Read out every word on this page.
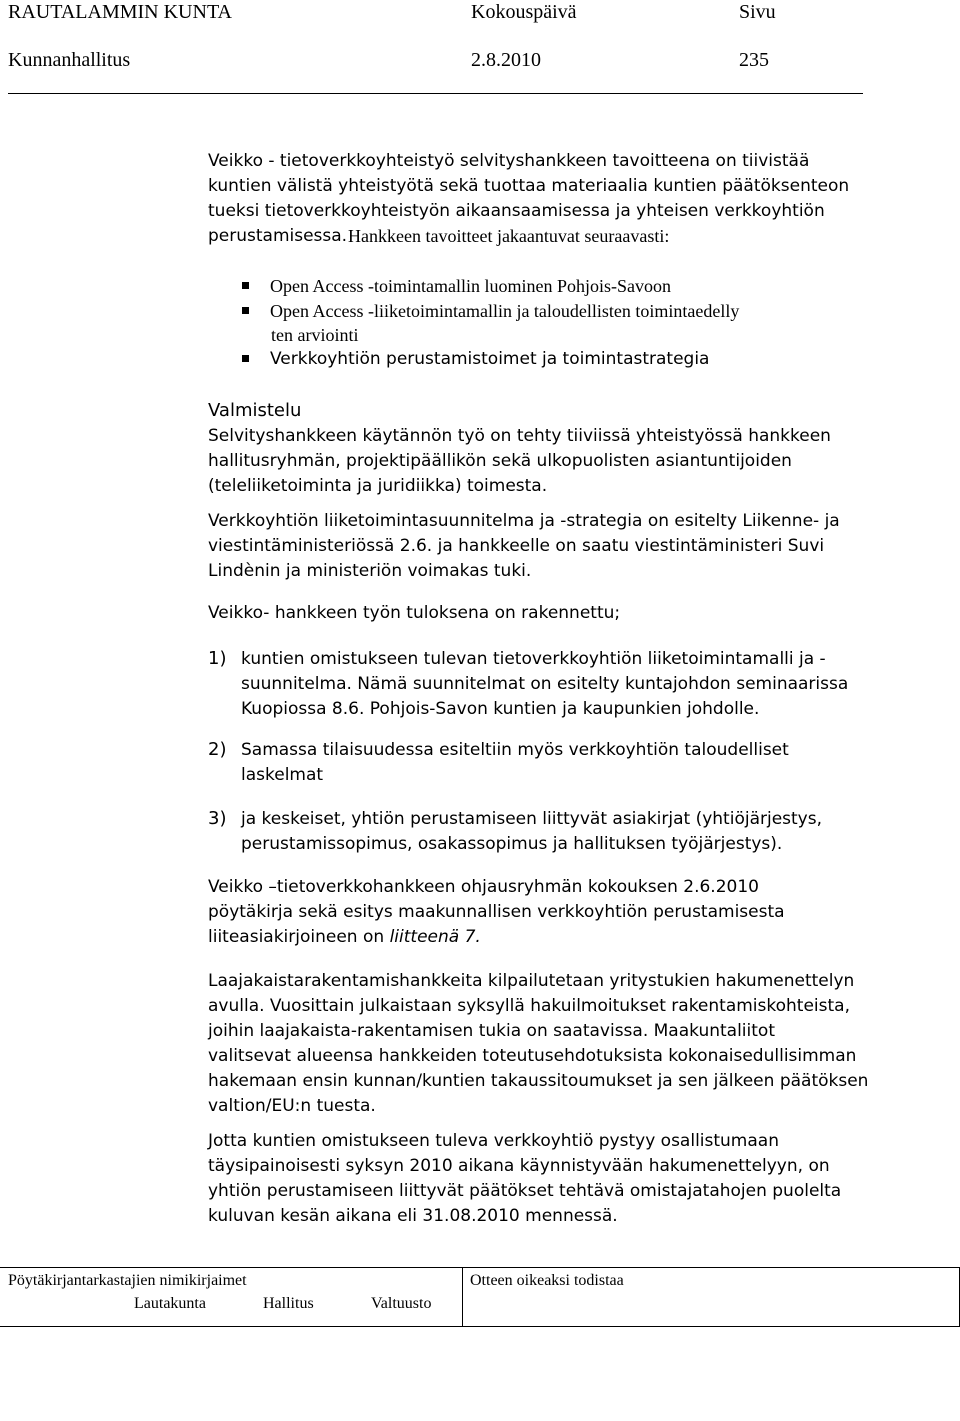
RAUTALAMMIN KUNTA	Kokouspäivä	Sivu
Kunnanhallitus	2.8.2010	235
Veikko - tietoverkkoyhteistyö selvityshankkeen tavoitteena on tiivistää
kuntien välistä yhteistyötä sekä tuottaa materiaalia kuntien päätöksenteon
tueksi tietoverkkoyhteistyön aikaansaamisessa ja yhteisen verkkoyhtiön
perustamisessa. Hankkeen tavoitteet jakaantuvat seuraavasti:
Open Access -toimintamallin luominen Pohjois-Savoon
Open Access -liiketoimintamallin ja taloudellisten toimintaedelly
ten arviointi
Verkkoyhtiön perustamistoimet ja toimintastrategia
Valmistelu
Selvityshankkeen käytännön työ on tehty tiiviissä yhteistyössä hankkeen
hallitusryhmän, projektipäällikön sekä ulkopuolisten asiantuntijoiden
(teleliiketoiminta ja juridiikka) toimesta.
Verkkoyhtiön liiketoimintasuunnitelma ja -strategia on esitelty Liikenne- ja
viestintäministeriössä 2.6. ja hankkeelle on saatu viestintäministeri Suvi
Lindènin ja ministeriön voimakas tuki.
Veikko- hankkeen työn tuloksena on rakennettu;
1) kuntien omistukseen tulevan tietoverkkoyhtiön liiketoimintamalli ja -
suunnitelma. Nämä suunnitelmat on esitelty kuntajohdon seminaarissa
Kuopiossa 8.6. Pohjois-Savon kuntien ja kaupunkien johdolle.
2) Samassa tilaisuudessa esiteltiin myös verkkoyhtiön taloudelliset
laskelmat
3) ja keskeiset, yhtiön perustamiseen liittyvät asiakirjat (yhtiöjärjestys,
perustamissopimus, osakassopimus ja hallituksen työjärjestys).
Veikko –tietoverkkohankkeen ohjausryhmän kokouksen 2.6.2010
pöytäkirja sekä esitys maakunnallisen verkkoyhtiön perustamisesta
liiteasiakirjoineen on liitteenä 7.
Laajakaistarakentamishankkeita kilpailutetaan yritystukien hakumenettelyn
avulla. Vuosittain julkaistaan syksyllä hakuilmoitukset rakentamiskohteista,
joihin laajakaista-rakentamisen tukia on saatavissa. Maakuntaliitot
valitsevat alueensa hankkeiden toteutusehdotuksista kokonaisedullisimman
hakemaan ensin kunnan/kuntien takaussitoumukset ja sen jälkeen päätöksen
valtion/EU:n tuesta.
Jotta kuntien omistukseen tuleva verkkoyhtiö pystyy osallistumaan
täysipainoisesti syksyn 2010 aikana käynnistyvään hakumenettelyyn, on
yhtiön perustamiseen liittyvät päätökset tehtävä omistajatahojen puolelta
kuluvan kesän aikana eli 31.08.2010 mennessä.
Pöytäkirjantarkastajien nimikirjaimet	Otteen oikeaksi todistaa
Lautakunta	Hallitus	Valtuusto
